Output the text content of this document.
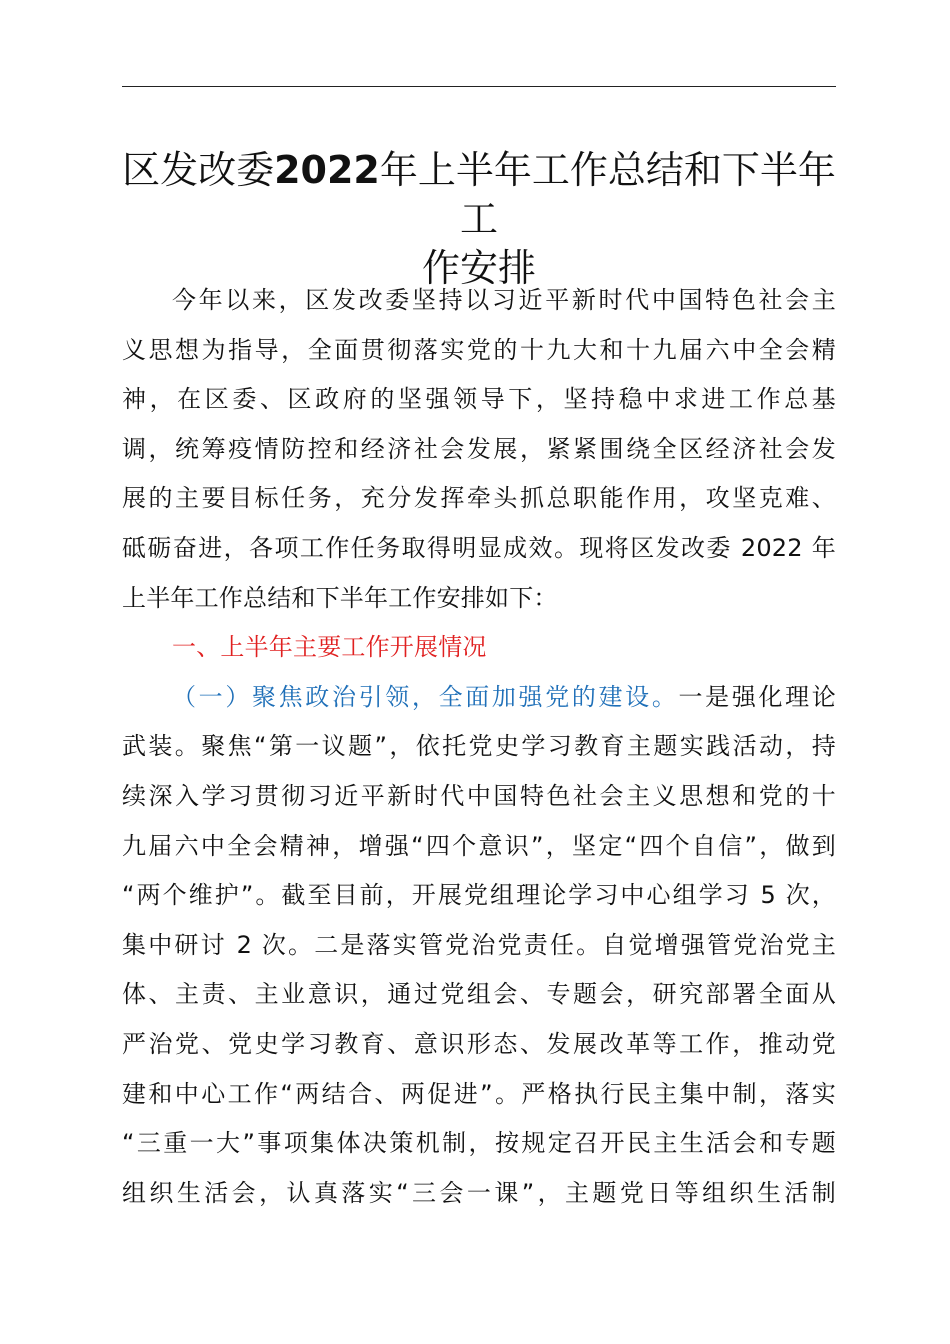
区发改委2022年上半年工作总结和下半年工
作安排
今年以来，区发改委坚持以习近平新时代中国特色社会主
义思想为指导，全面贯彻落实党的十九大和十九届六中全会精
神，在区委、区政府的坚强领导下，坚持稳中求进工作总基
调，统筹疫情防控和经济社会发展，紧紧围绕全区经济社会发
展的主要目标任务，充分发挥牵头抓总职能作用，攻坚克难、
砥砺奋进，各项工作任务取得明显成效。现将区发改委 2022 年
上半年工作总结和下半年工作安排如下：
一、上半年主要工作开展情况
（一）聚焦政治引领，全面加强党的建设。一是强化理论
武装。聚焦“第一议题”，依托党史学习教育主题实践活动，持
续深入学习贯彻习近平新时代中国特色社会主义思想和党的十
九届六中全会精神，增强“四个意识”，坚定“四个自信”，做到
“两个维护”。截至目前，开展党组理论学习中心组学习 5 次，
集中研讨 2 次。二是落实管党治党责任。自觉增强管党治党主
体、主责、主业意识，通过党组会、专题会，研究部署全面从
严治党、党史学习教育、意识形态、发展改革等工作，推动党
建和中心工作“两结合、两促进”。严格执行民主集中制，落实
“三重一大”事项集体决策机制，按规定召开民主生活会和专题
组织生活会，认真落实“三会一课”，主题党日等组织生活制
